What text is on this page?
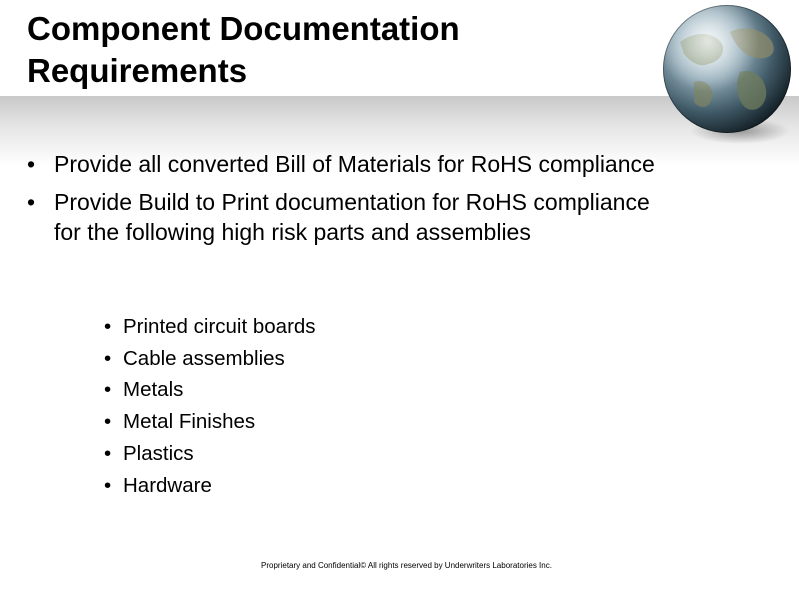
Component Documentation Requirements
• Provide all converted Bill of Materials for RoHS compliance
• Provide Build to Print documentation for RoHS compliance for the following high risk parts and assemblies
• Printed circuit boards
• Cable assemblies
• Metals
• Metal Finishes
• Plastics
• Hardware
Proprietary and Confidential© All rights reserved by Underwriters Laboratories Inc.
